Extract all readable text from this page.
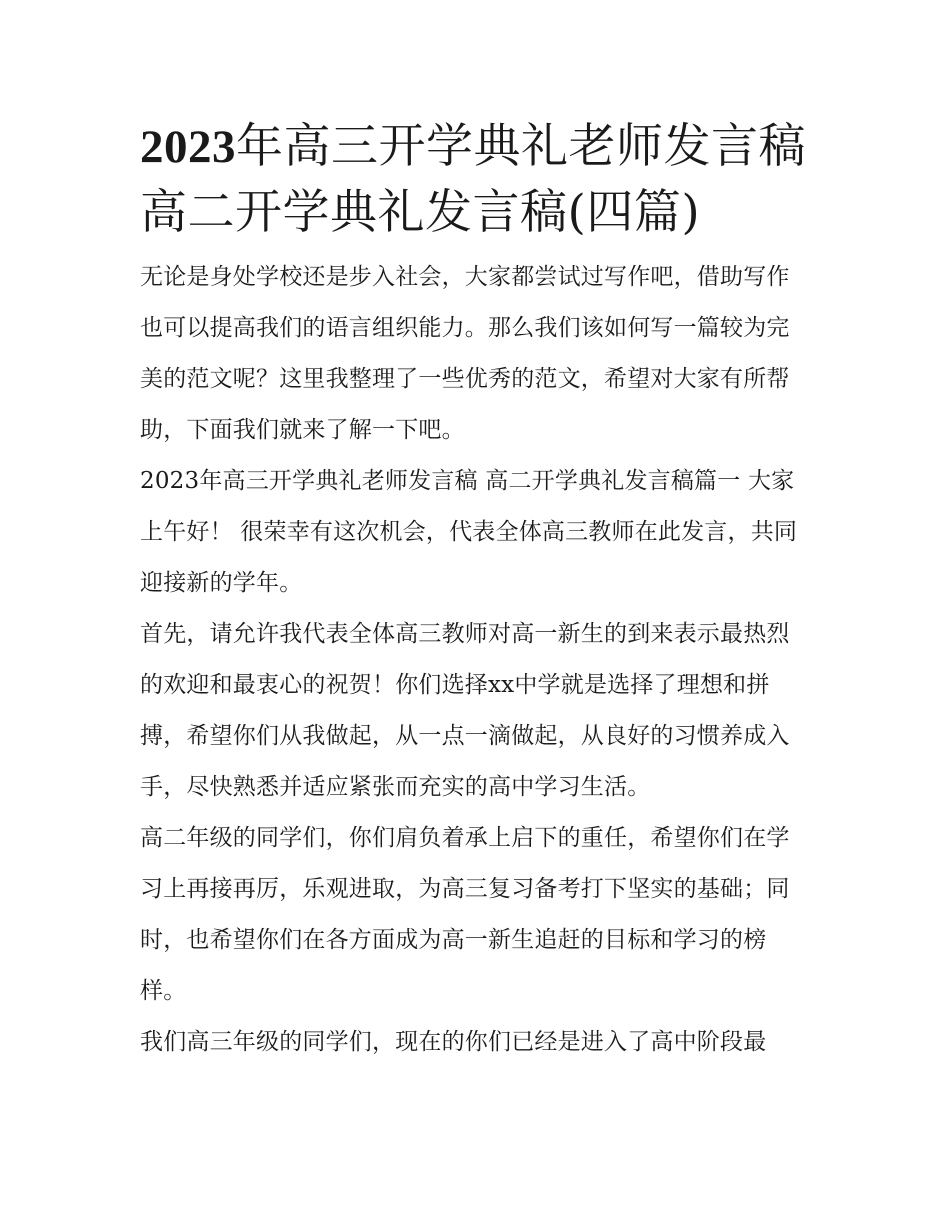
2023年高三开学典礼老师发言稿 高二开学典礼发言稿(四篇)

无论是身处学校还是步入社会，大家都尝试过写作吧，借助写作也可以提高我们的语言组织能力。那么我们该如何写一篇较为完美的范文呢？这里我整理了一些优秀的范文，希望对大家有所帮助，下面我们就来了解一下吧。

2023年高三开学典礼老师发言稿 高二开学典礼发言稿篇一 大家上午好！ 很荣幸有这次机会，代表全体高三教师在此发言，共同迎接新的学年。

首先，请允许我代表全体高三教师对高一新生的到来表示最热烈的欢迎和最衷心的祝贺！你们选择xx中学就是选择了理想和拼搏，希望你们从我做起，从一点一滴做起，从良好的习惯养成入手，尽快熟悉并适应紧张而充实的高中学习生活。

高二年级的同学们，你们肩负着承上启下的重任，希望你们在学习上再接再厉，乐观进取，为高三复习备考打下坚实的基础；同时，也希望你们在各方面成为高一新生追赶的目标和学习的榜样。

我们高三年级的同学们，现在的你们已经是进入了高中阶段最
